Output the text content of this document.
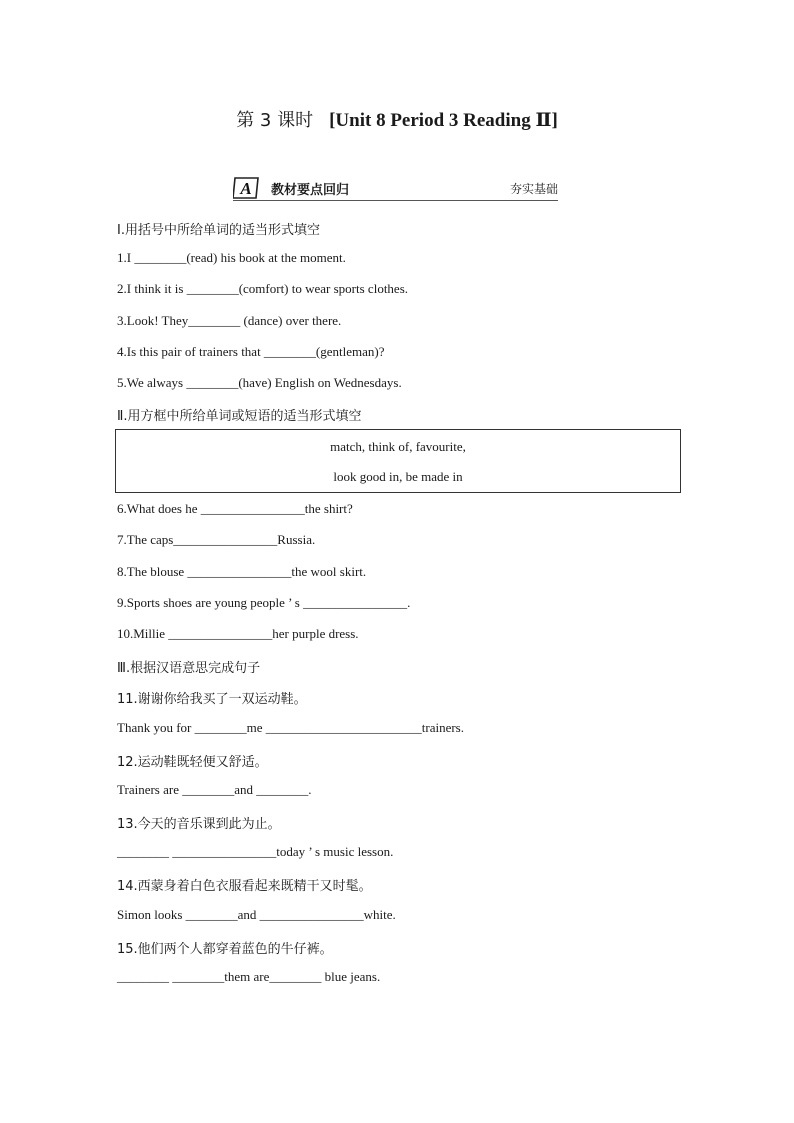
第 3 课时 [Unit 8 Period 3 Reading Ⅱ]
A 教材要点回归	夯实基础
Ⅰ.用括号中所给单词的适当形式填空
1.I ________(read) his book at the moment.
2.I think it is ________(comfort) to wear sports clothes.
3.Look! They________ (dance) over there.
4.Is this pair of trainers that ________(gentleman)?
5.We always ________(have) English on Wednesdays.
Ⅱ.用方框中所给单词或短语的适当形式填空
match, think of, favourite,
look good in, be made in
6.What does he ________________the shirt?
7.The caps________________Russia.
8.The blouse ________________the wool skirt.
9.Sports shoes are young people ’ s ________________.
10.Millie ________________her purple dress.
Ⅲ.根据汉语意思完成句子
11.谢谢你给我买了一双运动鞋。
Thank you for ________me ________________________trainers.
12.运动鞋既轻便又舒适。
Trainers are ________and ________.
13.今天的音乐课到此为止。
________ ________________today ’ s music lesson.
14.西蒙身着白色衣服看起来既精干又时髦。
Simon looks ________and ________________white.
15.他们两个人都穿着蓝色的牛仔裤。
________ ________them are________ blue jeans.
